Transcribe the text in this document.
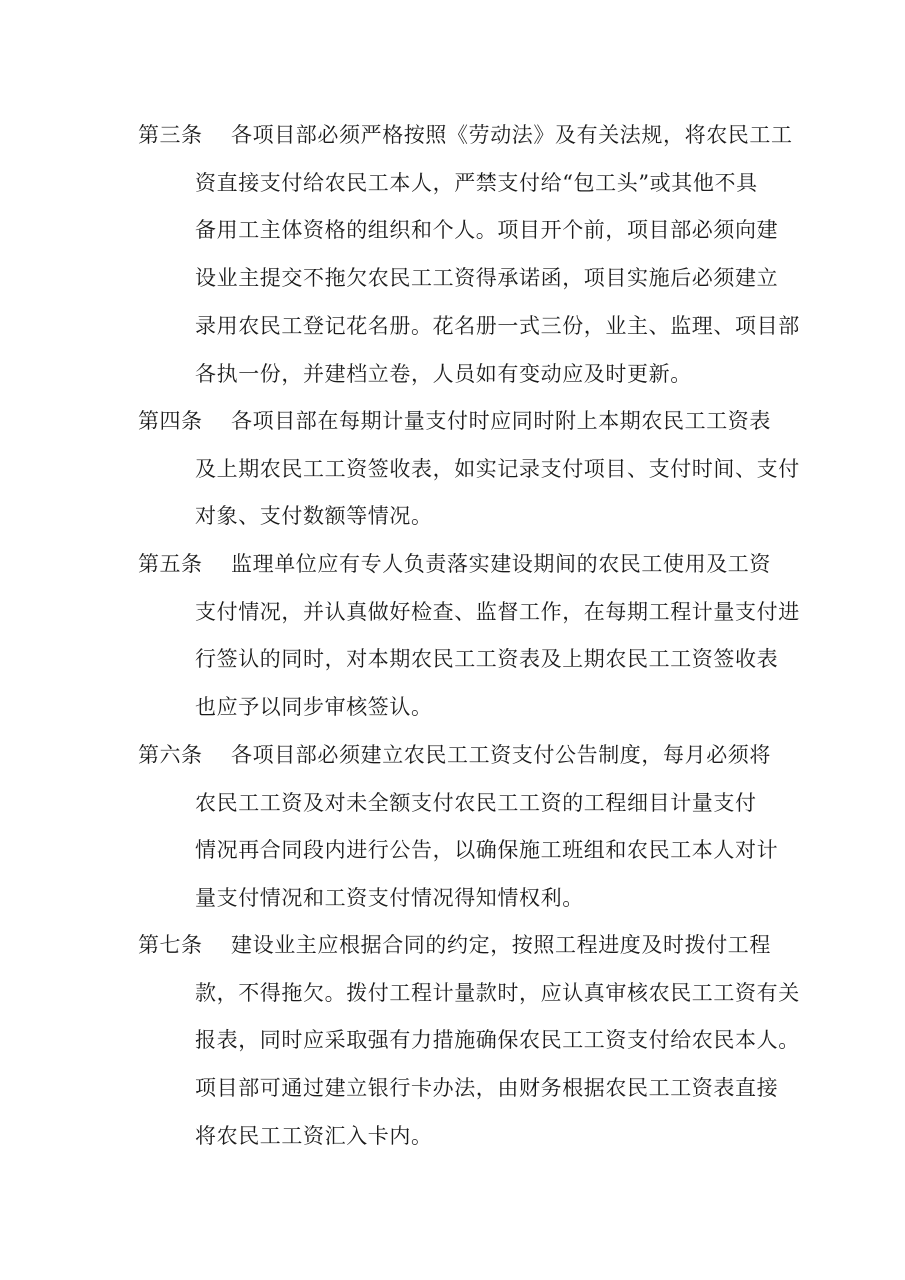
第三条	各项目部必须严格按照《劳动法》及有关法规，将农民工工
资直接支付给农民工本人，严禁支付给“包工头”或其他不具
备用工主体资格的组织和个人。项目开个前，项目部必须向建
设业主提交不拖欠农民工工资得承诺函，项目实施后必须建立
录用农民工登记花名册。花名册一式三份，业主、监理、项目部
各执一份，并建档立卷，人员如有变动应及时更新。
第四条	各项目部在每期计量支付时应同时附上本期农民工工资表
及上期农民工工资签收表，如实记录支付项目、支付时间、支付
对象、支付数额等情况。
第五条	监理单位应有专人负责落实建设期间的农民工使用及工资
支付情况，并认真做好检查、监督工作，在每期工程计量支付进
行签认的同时，对本期农民工工资表及上期农民工工资签收表
也应予以同步审核签认。
第六条	各项目部必须建立农民工工资支付公告制度，每月必须将
农民工工资及对未全额支付农民工工资的工程细目计量支付
情况再合同段内进行公告，以确保施工班组和农民工本人对计
量支付情况和工资支付情况得知情权利。
第七条	建设业主应根据合同的约定，按照工程进度及时拨付工程
款，不得拖欠。拨付工程计量款时，应认真审核农民工工资有关
报表，同时应采取强有力措施确保农民工工资支付给农民本人。
项目部可通过建立银行卡办法，由财务根据农民工工资表直接
将农民工工资汇入卡内。
